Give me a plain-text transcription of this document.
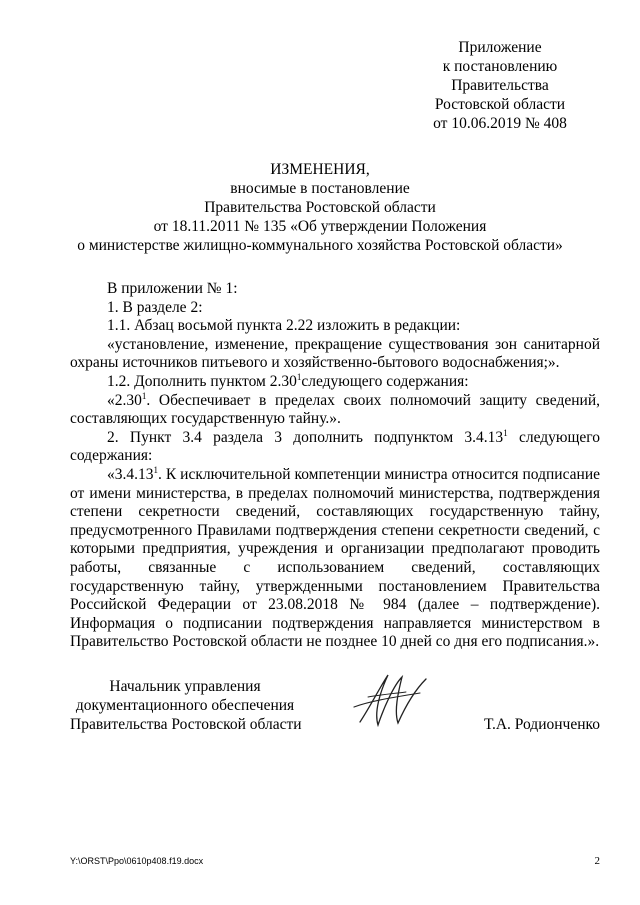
Приложение
к постановлению
Правительства
Ростовской области
от 10.06.2019 № 408
ИЗМЕНЕНИЯ,
вносимые в постановление
Правительства Ростовской области
от 18.11.2011 № 135 «Об утверждении Положения
о министерстве жилищно-коммунального хозяйства Ростовской области»

В приложении № 1:

1. В разделе 2:

1.1. Абзац восьмой пункта 2.22 изложить в редакции:

«установление, изменение, прекращение существования зон санитарной охраны источников питьевого и хозяйственно-бытового водоснабжения;».

1.2. Дополнить пунктом 2.30$^1$следующего содержания:

«2.30$^1$. Обеспечивает в пределах своих полномочий защиту сведений, составляющих государственную тайну.».

2. Пункт 3.4 раздела 3 дополнить подпунктом 3.4.13$^1$ следующего содержания:

«3.4.13$^1$. К исключительной компетенции министра относится подписание от имени министерства, в пределах полномочий министерства, подтверждения степени секретности сведений, составляющих государственную тайну, предусмотренного Правилами подтверждения степени секретности сведений, с которыми предприятия, учреждения и организации предполагают проводить работы, связанные с использованием сведений, составляющих государственную тайну, утвержденными постановлением Правительства Российской Федерации от 23.08.2018 № 984 (далее – подтверждение). Информация о подписании подтверждения направляется министерством в Правительство Ростовской области не позднее 10 дней со дня его подписания.».

Начальник управления
документационного обеспечения
Правительства Ростовской области	Т.А. Родионченко
Y:\ORST\Ppo\0610p408.f19.docx	2
